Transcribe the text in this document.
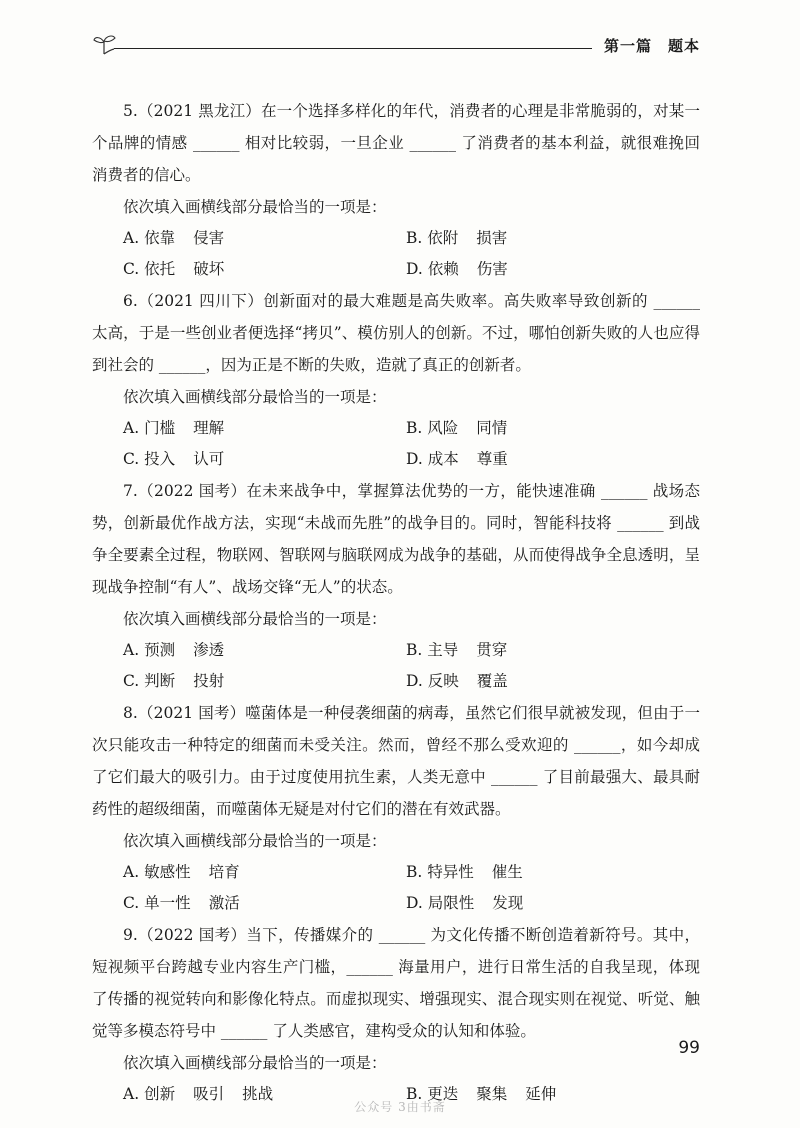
第一篇　题本

5.（2021 黑龙江）在一个选择多样化的年代，消费者的心理是非常脆弱的，对某一个品牌的情感 ______ 相对比较弱，一旦企业 ______ 了消费者的基本利益，就很难挽回消费者的信心。

依次填入画横线部分最恰当的一项是：

A. 依靠 侵害	B. 依附 损害
C. 依托 破坏	D. 依赖 伤害

6.（2021 四川下）创新面对的最大难题是高失败率。高失败率导致创新的 ______ 太高，于是一些创业者便选择“拷贝”、模仿别人的创新。不过，哪怕创新失败的人也应得到社会的 ______，因为正是不断的失败，造就了真正的创新者。

依次填入画横线部分最恰当的一项是：

A. 门槛 理解	B. 风险 同情
C. 投入 认可	D. 成本 尊重

7.（2022 国考）在未来战争中，掌握算法优势的一方，能快速准确 ______ 战场态势，创新最优作战方法，实现“未战而先胜”的战争目的。同时，智能科技将 ______ 到战争全要素全过程，物联网、智联网与脑联网成为战争的基础，从而使得战争全息透明，呈现战争控制“有人”、战场交锋“无人”的状态。

依次填入画横线部分最恰当的一项是：

A. 预测 渗透	B. 主导 贯穿
C. 判断 投射	D. 反映 覆盖

8.（2021 国考）噬菌体是一种侵袭细菌的病毒，虽然它们很早就被发现，但由于一次只能攻击一种特定的细菌而未受关注。然而，曾经不那么受欢迎的 ______，如今却成了它们最大的吸引力。由于过度使用抗生素，人类无意中 ______ 了目前最强大、最具耐药性的超级细菌，而噬菌体无疑是对付它们的潜在有效武器。

依次填入画横线部分最恰当的一项是：

A. 敏感性 培育	B. 特异性 催生
C. 单一性 激活	D. 局限性 发现

9.（2022 国考）当下，传播媒介的 ______ 为文化传播不断创造着新符号。其中，短视频平台跨越专业内容生产门槛，______ 海量用户，进行日常生活的自我呈现，体现了传播的视觉转向和影像化特点。而虚拟现实、增强现实、混合现实则在视觉、听觉、触觉等多模态符号中 ______ 了人类感官，建构受众的认知和体验。

依次填入画横线部分最恰当的一项是：

A. 创新 吸引 挑战	B. 更迭 聚集 延伸
99
公众号 3由书斋
